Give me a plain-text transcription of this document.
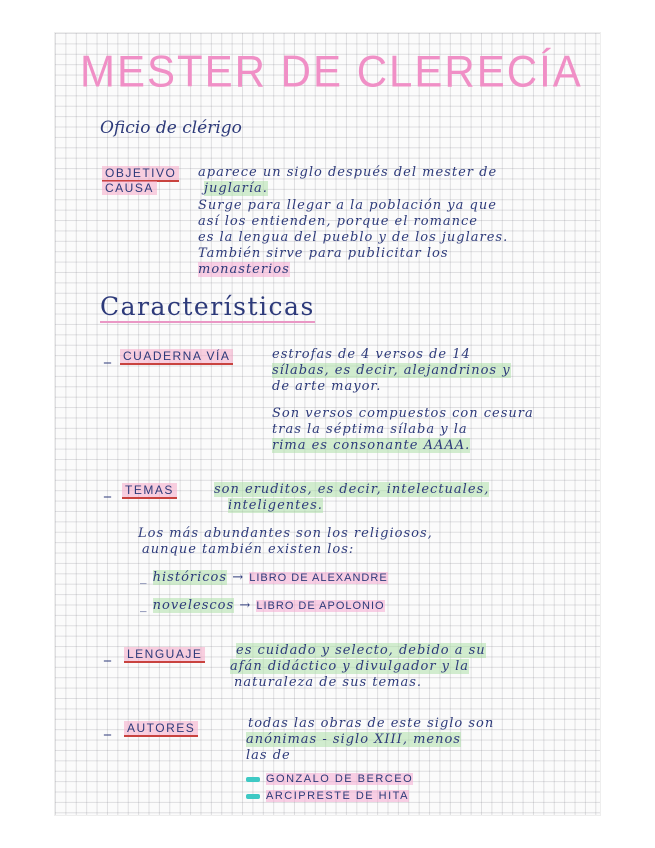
MESTER DE CLERECÍA
Oficio de clérigo
OBJETIVO
CAUSA
aparece un siglo después del mester de
juglaría.
Surge para llegar a la población ya que
así los entienden, porque el romance
es la lengua del pueblo y de los juglares.
También sirve para publicitar los
monasterios
Características
_ CUADERNA VÍA	estrofas de 4 versos de 14
sílabas, es decir, alejandrinos y
de arte mayor.
Son versos compuestos con cesura
tras la séptima sílaba y la
rima es consonante AAAA.
_ TEMAS	son eruditos, es decir, intelectuales,
inteligentes.
Los más abundantes son los religiosos,
aunque también existen los:
_ históricos → LIBRO DE ALEXANDRE
_ novelescos → LIBRO DE APOLONIO
_ LENGUAJE	es cuidado y selecto, debido a su
afán didáctico y divulgador y la
naturaleza de sus temas.
_ AUTORES	todas las obras de este siglo son
anónimas - siglo XIII, menos
las de
GONZALO DE BERCEO
ARCIPRESTE DE HITA
